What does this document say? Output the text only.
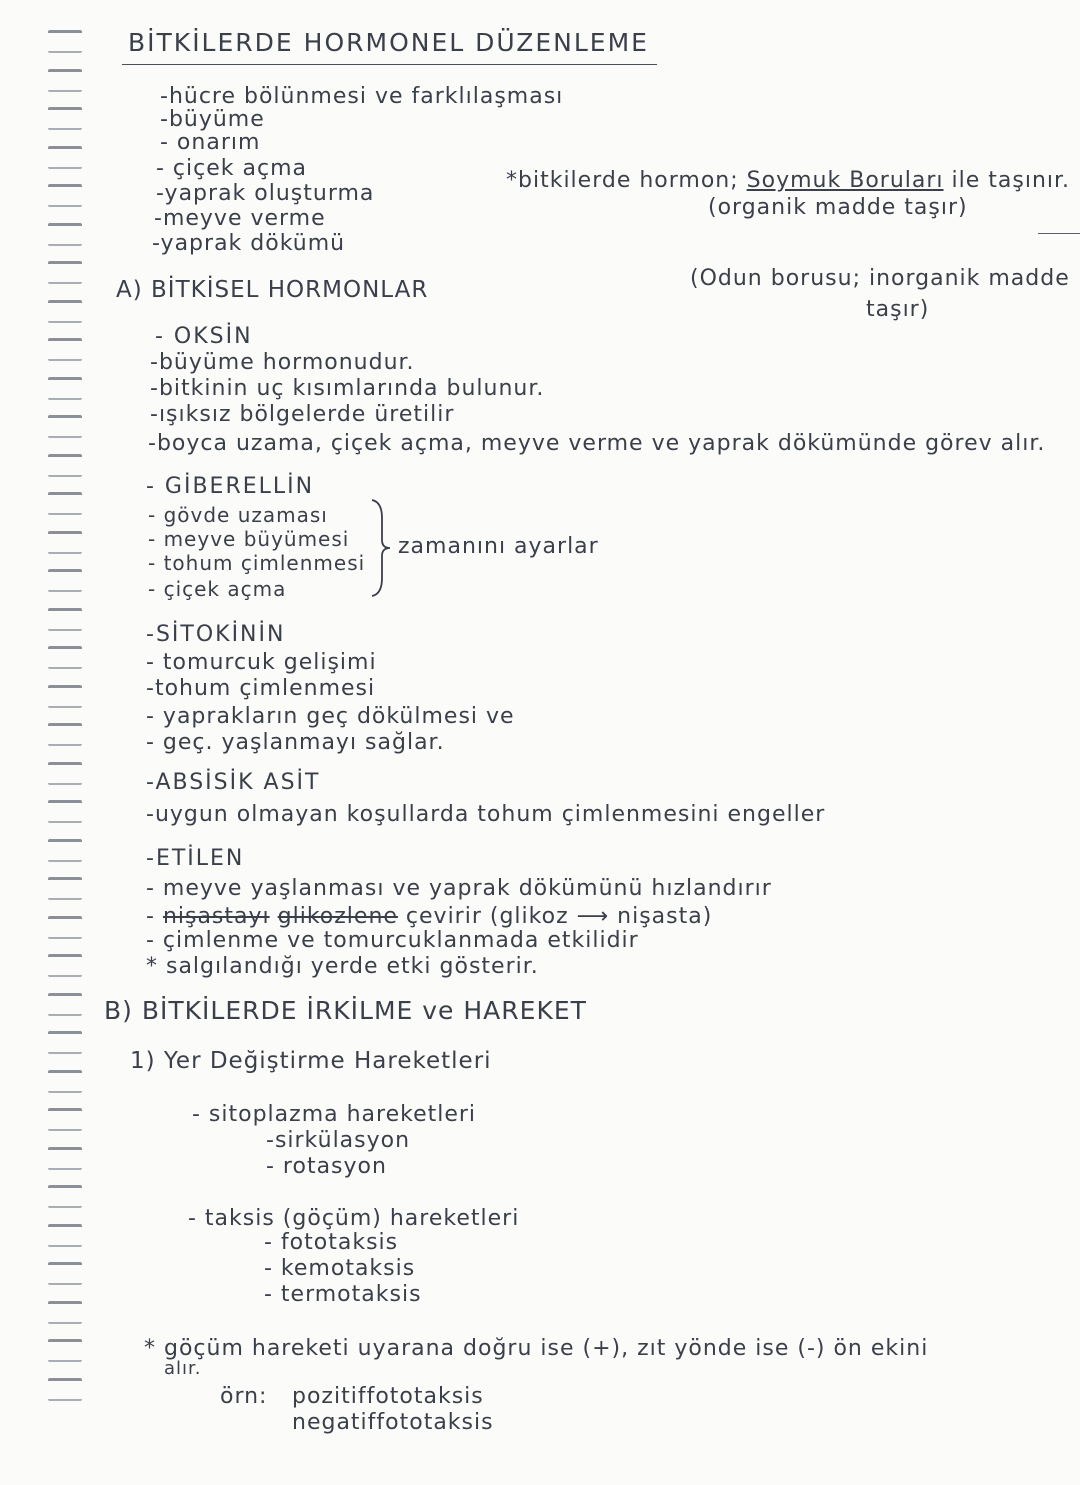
BİTKİLERDE HORMONEL DÜZENLEME
-hücre bölünmesi ve farklılaşması
-büyüme
- onarım
- çiçek açma
-yaprak oluşturma
-meyve verme
-yaprak dökümü
*bitkilerde hormon; Soymuk Boruları ile taşınır.
(organik madde taşır)
(Odun borusu; inorganik madde
taşır)
A) BİTKİSEL HORMONLAR
- OKSİN
-büyüme hormonudur.
-bitkinin uç kısımlarında bulunur.
-ışıksız bölgelerde üretilir
-boyca uzama, çiçek açma, meyve verme ve yaprak dökümünde görev alır.
- GİBERELLİN
- gövde uzaması
- meyve büyümesi
- tohum çimlenmesi
- çiçek açma
zamanını ayarlar
-SİTOKİNİN
- tomurcuk gelişimi
-tohum çimlenmesi
- yaprakların geç dökülmesi ve
- geç. yaşlanmayı sağlar.
-ABSİSİK ASİT
-uygun olmayan koşullarda tohum çimlenmesini engeller
-ETİLEN
- meyve yaşlanması ve yaprak dökümünü hızlandırır
- nişastayı glikozlene çevirir (glikoz ⟶ nişasta)
- çimlenme ve tomurcuklanmada etkilidir
* salgılandığı yerde etki gösterir.
B) BİTKİLERDE İRKİLME ve HAREKET
1) Yer Değiştirme Hareketleri
- sitoplazma hareketleri
-sirkülasyon
- rotasyon
- taksis (göçüm) hareketleri
- fototaksis
- kemotaksis
- termotaksis
* göçüm hareketi uyarana doğru ise (+), zıt yönde ise (-) ön ekini
alır.
örn: pozitiffototaksis
negatiffototaksis
